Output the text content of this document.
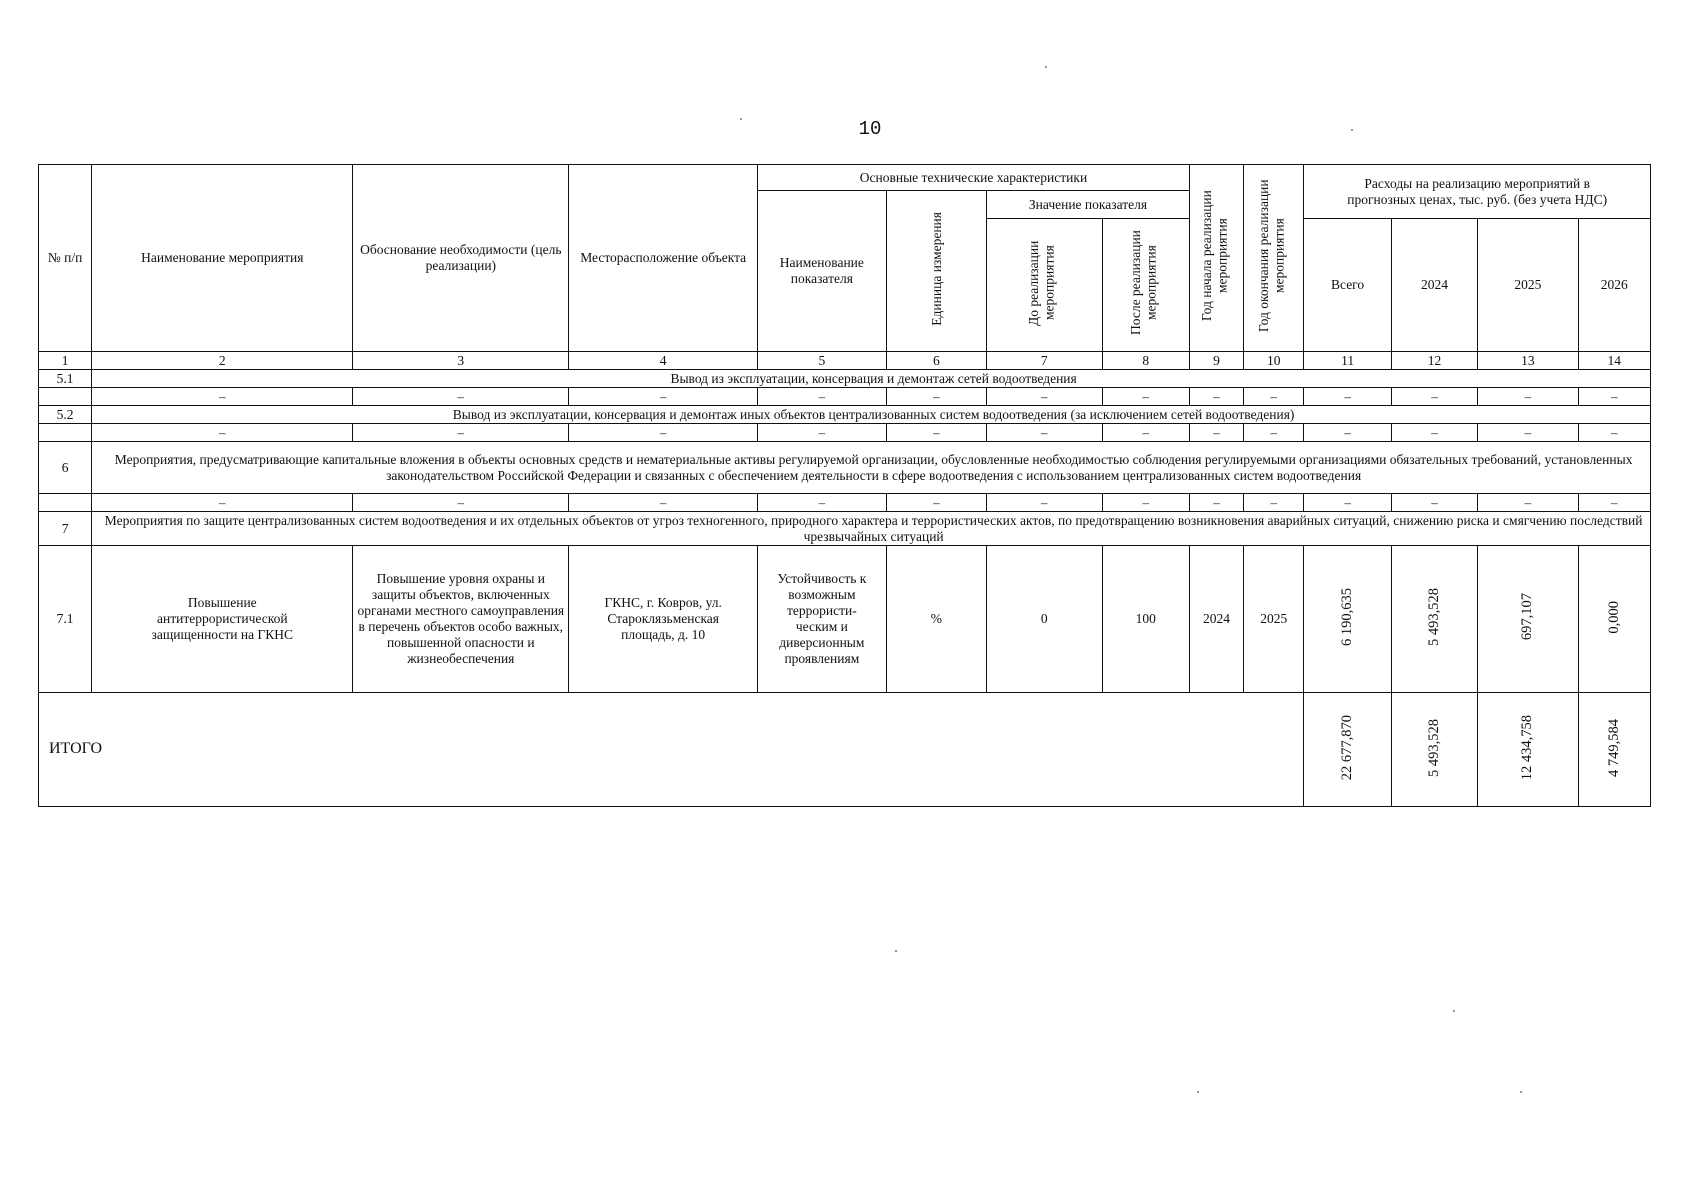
10
№ п/п	Наименование мероприятия	Обоснование необходимости (цель реализации)	Месторасположение объекта	Основные технические характеристики				Год начала реализации мероприятия	Год окончания реализации мероприятия	Расходы на реализацию мероприятий в прогнозных ценах, тыс. руб. (без учета НДС)			
				Наименование показателя	Единица измерения	Значение показателя							
						До реализации мероприятия	После реализации мероприятия			Всего	2024	2025	2026
1	2	3	4	5	6	7	8	9	10	11	12	13	14
5.1	Вывод из эксплуатации, консервация и демонтаж сетей водоотведения												
	–	–	–	–	–	–	–	–	–	–	–	–	–
5.2	Вывод из эксплуатации, консервация и демонтаж иных объектов централизованных систем водоотведения (за исключением сетей водоотведения)												
	–	–	–	–	–	–	–	–	–	–	–	–	–
6	Мероприятия, предусматривающие капитальные вложения в объекты основных средств и нематериальные активы регулируемой организации, обусловленные необходимостью соблюдения регулируемыми организациями обязательных требований, установленных законодательством Российской Федерации и связанных с обеспечением деятельности в сфере водоотведения с использованием централизованных систем водоотведения												
	–	–	–	–	–	–	–	–	–	–	–	–	–
7	Мероприятия по защите централизованных систем водоотведения и их отдельных объектов от угроз техногенного, природного характера и террористических актов, по предотвращению возникновения аварийных ситуаций, снижению риска и смягчению последствий чрезвычайных ситуаций												
7.1	Повышение антитеррористической защищенности на ГКНС	Повышение уровня охраны и защиты объектов, включенных органами местного самоуправления в перечень объектов особо важных, повышенной опасности и жизнеобеспечения	ГКНС, г. Ковров, ул. Староклязьменская площадь, д. 10	Устойчивость к возможным террористи-ческим и диверсионным проявлениям	%	0	100	2024	2025	6 190,635	5 493,528	697,107	0,000
ИТОГО										22 677,870	5 493,528	12 434,758	4 749,584
